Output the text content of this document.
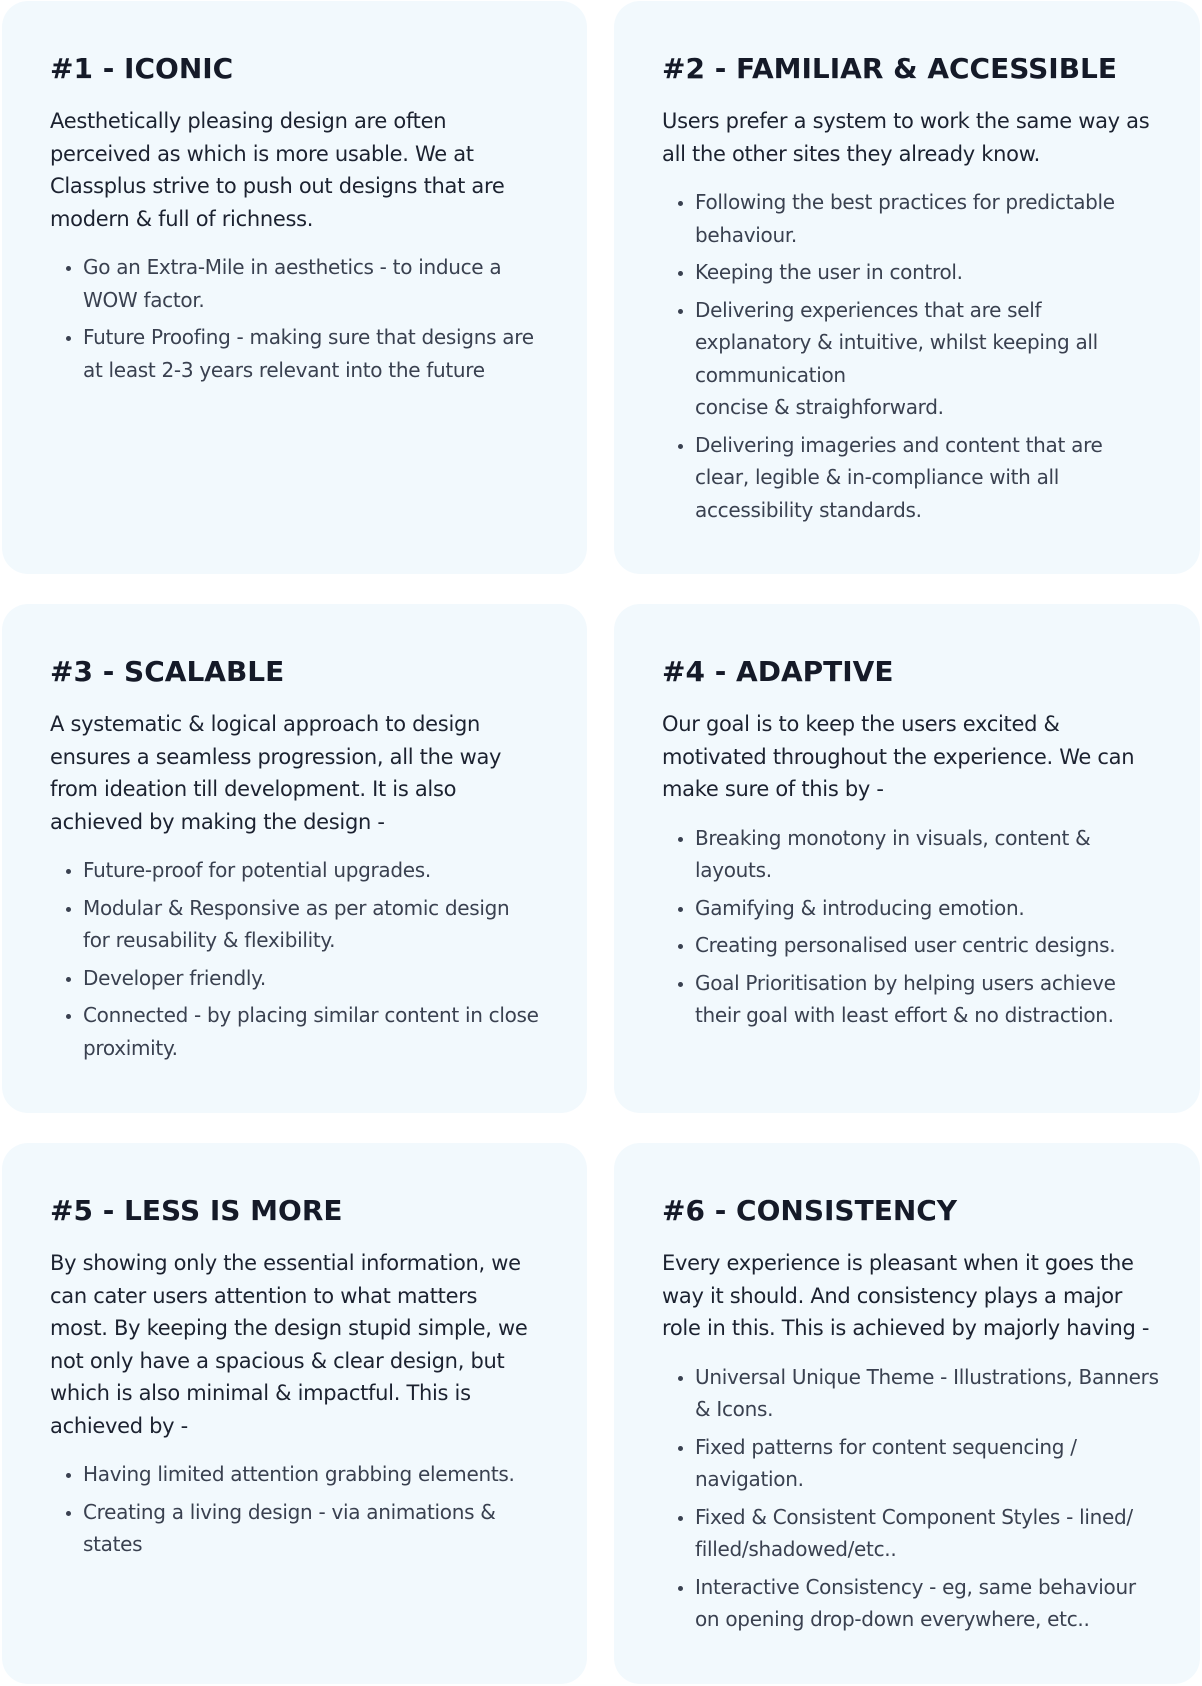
#1 - ICONIC

Aesthetically pleasing design are often perceived as which is more usable. We at Classplus strive to push out designs that are modern & full of richness.

Go an Extra-Mile in aesthetics - to induce a WOW factor.
Future Proofing - making sure that designs are at least 2-3 years relevant into the future
#2 - FAMILIAR & ACCESSIBLE

Users prefer a system to work the same way as all the other sites they already know.

Following the best practices for predictable behaviour.
Keeping the user in control.
Delivering experiences that are self explanatory & intuitive, whilst keeping all communication
concise & straighforward.
Delivering imageries and content that are clear, legible & in-compliance with all accessibility standards.
#3 - SCALABLE

A systematic & logical approach to design ensures a seamless progression, all the way from ideation till development. It is also achieved by making the design -

Future-proof for potential upgrades.
Modular & Responsive as per atomic design for reusability & flexibility.
Developer friendly.
Connected - by placing similar content in close proximity.
#4 - ADAPTIVE

Our goal is to keep the users excited & motivated throughout the experience. We can make sure of this by -

Breaking monotony in visuals, content & layouts.
Gamifying & introducing emotion.
Creating personalised user centric designs.
Goal Prioritisation by helping users achieve their goal with least effort & no distraction.
#5 - LESS IS MORE

By showing only the essential information, we can cater users attention to what matters most. By keeping the design stupid simple, we not only have a spacious & clear design, but which is also minimal & impactful. This is achieved by -

Having limited attention grabbing elements.
Creating a living design - via animations & states
#6 - CONSISTENCY

Every experience is pleasant when it goes the way it should. And consistency plays a major role in this. This is achieved by majorly having -

Universal Unique Theme - Illustrations, Banners & Icons.
Fixed patterns for content sequencing / navigation.
Fixed & Consistent Component Styles - lined/ filled/shadowed/etc..
Interactive Consistency - eg, same behaviour on opening drop-down everywhere, etc..
